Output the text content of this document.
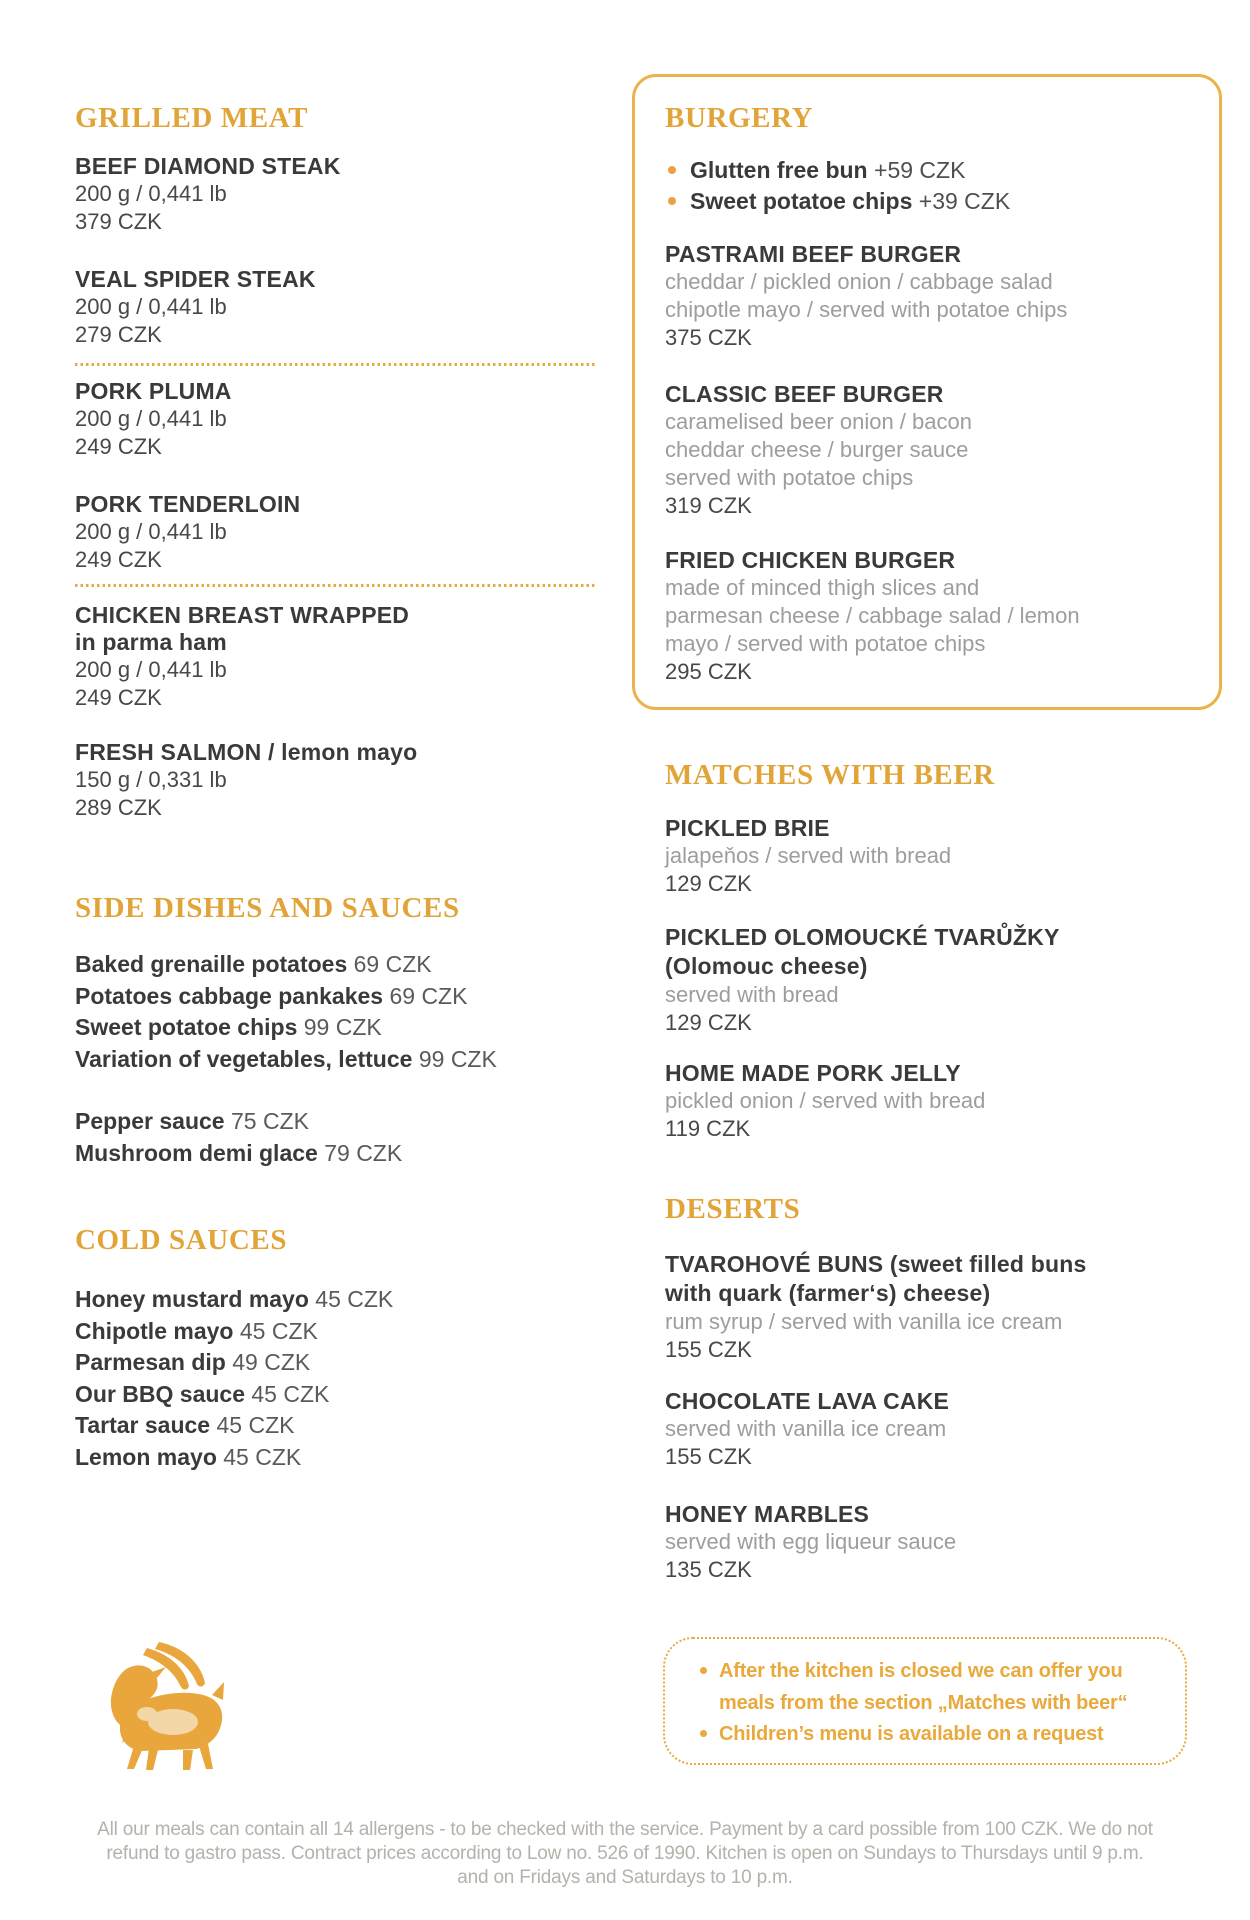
GRILLED MEAT
BEEF DIAMOND STEAK
200 g / 0,441 lb
379 CZK
VEAL SPIDER STEAK
200 g / 0,441 lb
279 CZK
PORK PLUMA
200 g / 0,441 lb
249 CZK
PORK TENDERLOIN
200 g / 0,441 lb
249 CZK
CHICKEN BREAST WRAPPED
in parma ham
200 g / 0,441 lb
249 CZK
FRESH SALMON / lemon mayo
150 g / 0,331 lb
289 CZK
SIDE DISHES AND SAUCES
Baked grenaille potatoes 69 CZK
Potatoes cabbage pankakes 69 CZK
Sweet potatoe chips 99 CZK
Variation of vegetables, lettuce 99 CZK
Pepper sauce 75 CZK
Mushroom demi glace 79 CZK
COLD SAUCES
Honey mustard mayo 45 CZK
Chipotle mayo 45 CZK
Parmesan dip 49 CZK
Our BBQ sauce 45 CZK
Tartar sauce 45 CZK
Lemon mayo 45 CZK
BURGERY
Glutten free bun +59 CZK
Sweet potatoe chips +39 CZK
PASTRAMI BEEF BURGER
cheddar / pickled onion / cabbage salad
chipotle mayo / served with potatoe chips
375 CZK
CLASSIC BEEF BURGER
caramelised beer onion / bacon
cheddar cheese / burger sauce
served with potatoe chips
319 CZK
FRIED CHICKEN BURGER
made of minced thigh slices and
parmesan cheese / cabbage salad / lemon
mayo / served with potatoe chips
295 CZK
MATCHES WITH BEER
PICKLED BRIE
jalapeňos / served with bread
129 CZK
PICKLED OLOMOUCKÉ TVARŮŽKY
(Olomouc cheese)
served with bread
129 CZK
HOME MADE PORK JELLY
pickled onion / served with bread
119 CZK
DESERTS
TVAROHOVÉ BUNS (sweet filled buns
with quark (farmer‘s) cheese)
rum syrup / served with vanilla ice cream
155 CZK
CHOCOLATE LAVA CAKE
served with vanilla ice cream
155 CZK
HONEY MARBLES
served with egg liqueur sauce
135 CZK
After the kitchen is closed we can offer you
meals from the section „Matches with beer“
Children’s menu is available on a request
All our meals can contain all 14 allergens - to be checked with the service. Payment by a card possible from 100 CZK. We do not
refund to gastro pass. Contract prices according to Low no. 526 of 1990. Kitchen is open on Sundays to Thursdays until 9 p.m.
and on Fridays and Saturdays to 10 p.m.
